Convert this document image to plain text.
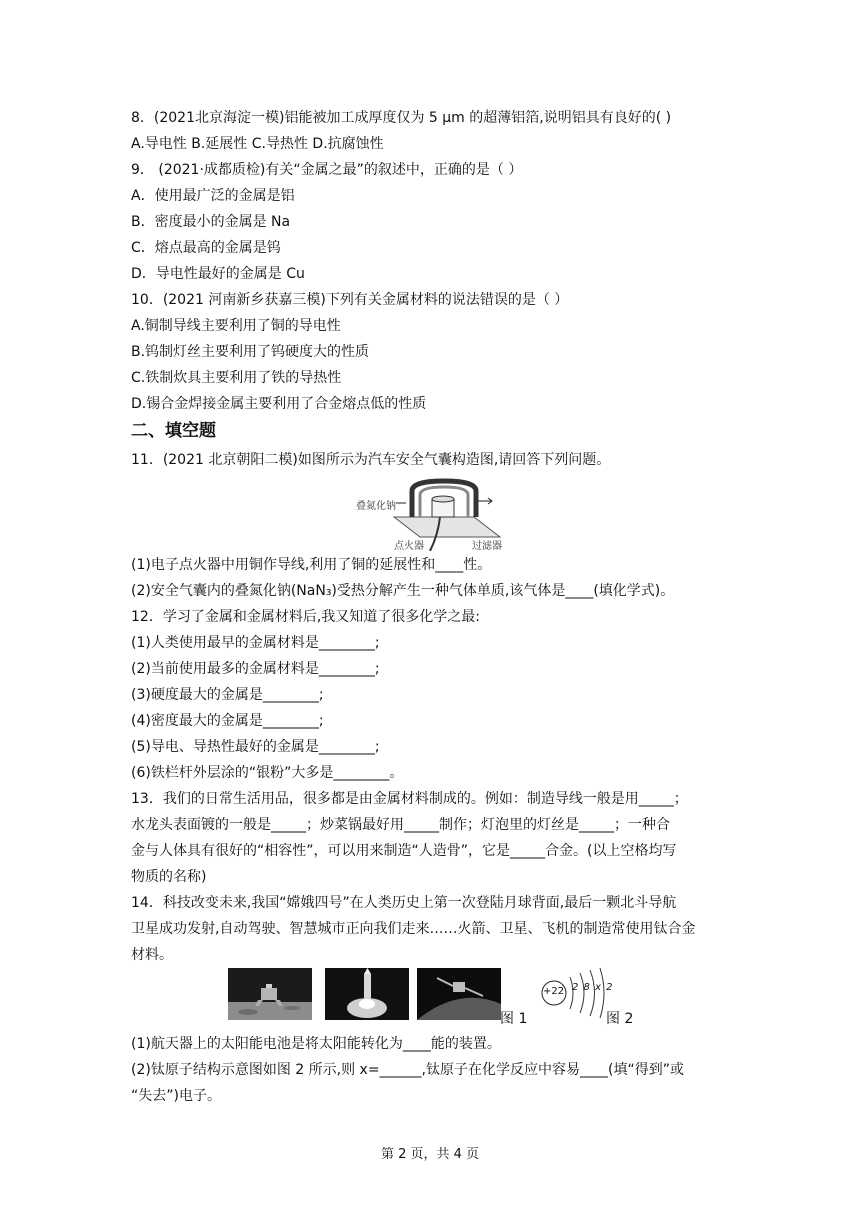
8．(2021北京海淀一模)铝能被加工成厚度仅为 5 μm 的超薄铝箔,说明铝具有良好的( )
A.导电性 B.延展性 C.导热性 D.抗腐蚀性
9． (2021·成都质检)有关“金属之最”的叙述中，正确的是（ ）
A．使用最广泛的金属是铝
B．密度最小的金属是 Na
C．熔点最高的金属是钨
D．导电性最好的金属是 Cu
10．(2021 河南新乡获嘉三模)下列有关金属材料的说法错误的是（ ）
A.铜制导线主要利用了铜的导电性
B.钨制灯丝主要利用了钨硬度大的性质
C.铁制炊具主要利用了铁的导热性
D.锡合金焊接金属主要利用了合金熔点低的性质
二、填空题
11．(2021 北京朝阳二模)如图所示为汽车安全气囊构造图,请回答下列问题。
叠氮化钠
点火器	过滤器
(1)电子点火器中用铜作导线,利用了铜的延展性和____性。
(2)安全气囊内的叠氮化钠(NaN₃)受热分解产生一种气体单质,该气体是____(填化学式)。
12．学习了金属和金属材料后,我又知道了很多化学之最:
(1)人类使用最早的金属材料是________;
(2)当前使用最多的金属材料是________;
(3)硬度最大的金属是________;
(4)密度最大的金属是________;
(5)导电、导热性最好的金属是________;
(6)铁栏杆外层涂的“银粉”大多是________。
13．我们的日常生活用品，很多都是由金属材料制成的。例如：制造导线一般是用_____；
水龙头表面镀的一般是_____；炒菜锅最好用_____制作；灯泡里的灯丝是_____；一种合
金与人体具有很好的“相容性”，可以用来制造“人造骨”，它是_____合金。(以上空格均写
物质的名称)
14．科技改变未来,我国“嫦娥四号”在人类历史上第一次登陆月球背面,最后一颗北斗导航
卫星成功发射,自动驾驶、智慧城市正向我们走来……火箭、卫星、飞机的制造常使用钛合金
材料。
图 1
+22 2 8 x 2
图 2
(1)航天器上的太阳能电池是将太阳能转化为____能的装置。
(2)钛原子结构示意图如图 2 所示,则 x=______,钛原子在化学反应中容易____(填“得到”或
“失去”)电子。
第 2 页，共 4 页
